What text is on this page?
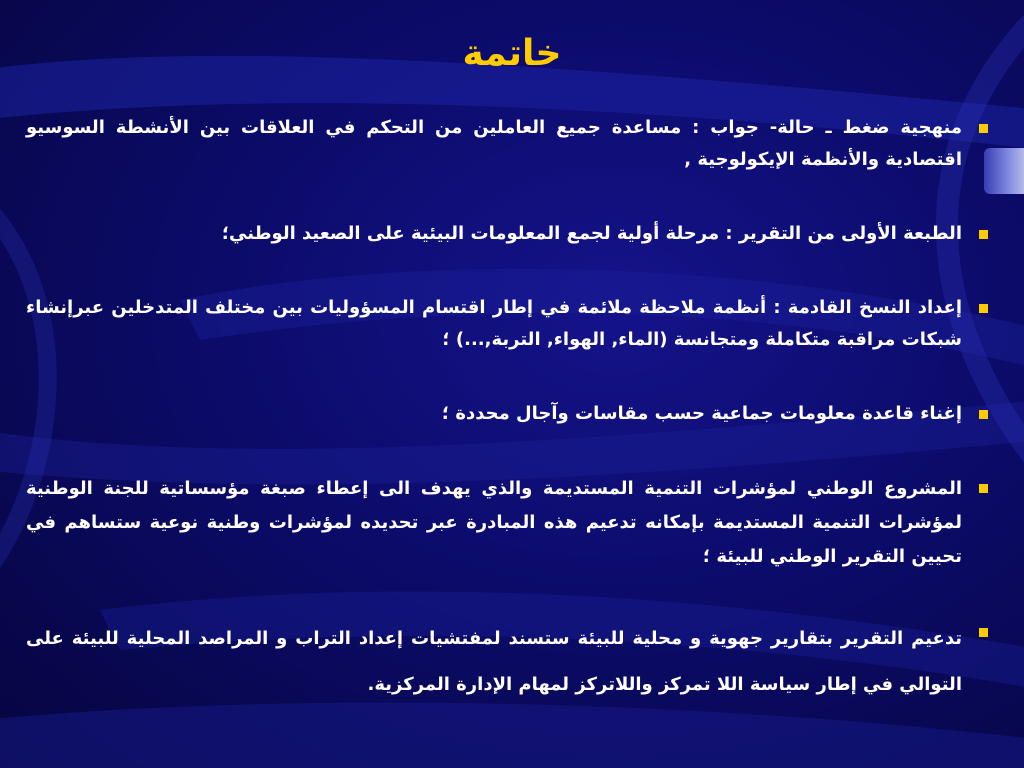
خاتمة
منهجية ضغط ـ حالة- جواب : مساعدة جميع العاملين من التحكم في العلاقات بين الأنشطة السوسيو اقتصادية والأنظمة الإيكولوجية ,
الطبعة الأولى من التقرير : مرحلة أولية لجمع المعلومات البيئية على الصعيد الوطني؛
إعداد النسخ القادمة : أنظمة ملاحظة ملائمة في إطار اقتسام المسؤوليات بين مختلف المتدخلين عبرإنشاء شبكات مراقبة متكاملة ومتجانسة (الماء, الهواء, التربة,...) ؛
إغناء قاعدة معلومات جماعية حسب مقاسات وآجال محددة ؛
المشروع الوطني لمؤشرات التنمية المستديمة والذي يهدف الى إعطاء صبغة مؤسساتية للجنة الوطنية لمؤشرات التنمية المستديمة بإمكانه تدعيم هذه المبادرة عبر تحديده لمؤشرات وطنية نوعية ستساهم في تحيين التقرير الوطني للبيئة ؛
تدعيم التقرير بتقارير جهوية و محلية للبيئة ستسند لمفتشيات إعداد التراب و المراصد المحلية للبيئة على التوالي في إطار سياسة اللا تمركز واللاتركز لمهام الإدارة المركزية.
